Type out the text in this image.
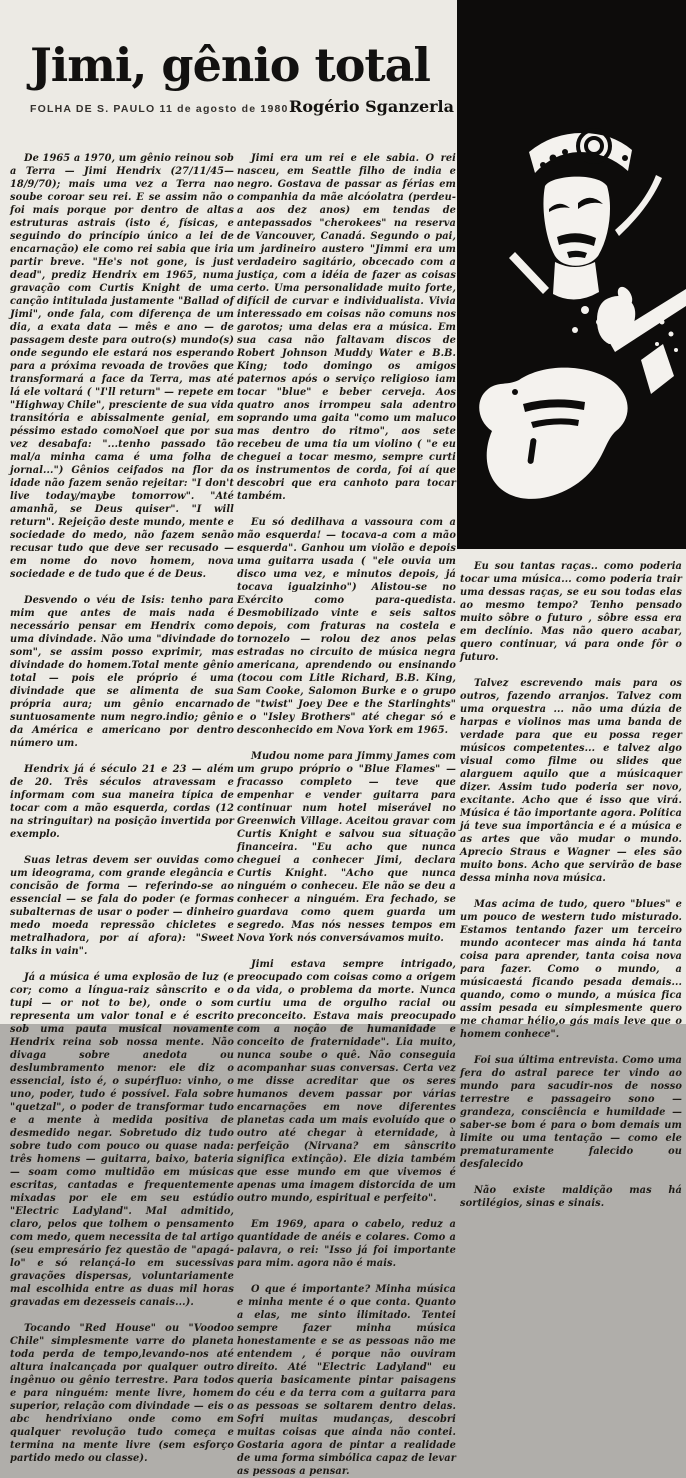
Jimi, gênio total
FOLHA DE S. PAULO 11 de agosto de 1980 Rogério Sganzerla

De 1965 a 1970, um gênio reinou sob a Terra — Jimi Hendrix (27/11/45—18/9/70); mais uma vez a Terra nao soube coroar seu rei. E se assim não o foi mais porque por dentro de altas estruturas astrais (isto é, físicas, e seguindo do princípio único a lei de encarnação) ele como rei sabia que iria partir breve. "He's not gone, is just dead", prediz Hendrix em 1965, numa gravação com Curtis Knight de uma canção intitulada justamente "Ballad of Jimi", onde fala, com diferença de um dia, a exata data — mês e ano — de passagem deste para outro(s) mundo(s) onde segundo ele estará nos esperando para a próxima revoada de trovões que transformará a face da Terra, mas até lá ele voltará ( "I'll return" — repete em "Highway Chile", presciente de sua vida transitória e abissalmente genial, em péssimo estado comoNoel que por sua vez desabafa: "...tenho passado tão mal/a minha cama é uma folha de jornal...") Gênios ceifados na flor da idade não fazem senão rejeitar: "I don't live today/maybe tomorrow". "Até amanhã, se Deus quiser". "I will return". Rejeição deste mundo, mente e sociedade do medo, não fazem senão recusar tudo que deve ser recusado — em nome do novo homem, nova sociedade e de tudo que é de Deus.

Desvendo o véu de Isis: tenho para mim que antes de mais nada é necessário pensar em Hendrix como uma divindade. Não uma "divindade do som", se assim posso exprimir, mas divindade do homem.Total mente gênio total — pois ele próprio é uma divindade que se alimenta de sua própria aura; um gênio encarnado suntuosamente num negro.indio; gênio da América e americano por dentro número um.

Hendrix já é século 21 e 23 — além de 20. Três séculos atravessam e informam com sua maneira típica de tocar com a mão esquerda, cordas (12 na stringuitar) na posição invertida por exemplo.

Suas letras devem ser ouvidas como um ideograma, com grande elegância e concisão de forma — referindo-se ao essencial — se fala do poder (e formas subalternas de usar o poder — dinheiro medo moeda repressão chicletes e metralhadora, por aí afora): "Sweet talks in vain".

Já a música é uma explosão de luz (e cor; como a língua-raiz sânscrito e o tupi — or not to be), onde o som representa um valor tonal e é escrito sob uma pauta musical novamente Hendrix reina sob nossa mente. Não divaga sobre anedota ou deslumbramento menor: ele diz o essencial, isto é, o supérfluo: vinho, o uno, poder, tudo é possível. Fala sobre "quetzal", o poder de transformar tudo e a mente à medida positiva de desmedido negar. Sobretudo diz tudo sobre tudo com pouco ou quase nada: três homens — guitarra, baixo, bateria — soam como multidão em músicas escritas, cantadas e frequentemente mixadas por ele em seu estúdio "Electric Ladyland". Mal admitido, claro, pelos que tolhem o pensamento com medo, quem necessita de tal artigo (seu empresário fez questão de "apagá-lo" e só relançá-lo em sucessivas gravações dispersas, voluntariamente mal escolhida entre as duas mil horas gravadas em dezesseis canais...).

Tocando "Red House" ou "Voodoo Chile" simplesmente varre do planeta toda perda de tempo,levando-nos até altura inalcançada por qualquer outro ingênuo ou gênio terrestre. Para todos e para ninguém: mente livre, homem superior, relação com divindade — eis o abc hendrixiano onde como em qualquer revolução tudo começa e termina na mente livre (sem esforço partido medo ou classe).

Jimi era um rei e ele sabia. O rei nasceu, em Seattle filho de india e negro. Gostava de passar as férias em companhia da mãe alcóolatra (perdeu-a aos dez anos) em tendas de antepassados "cherokees" na reserva de Vancouver, Canadá. Segundo o pai, um jardineiro austero "Jimmi era um verdadeiro sagitário, obcecado com a justiça, com a idéia de fazer as coisas certo. Uma personalidade muito forte, difícil de curvar e individualista. Vivia interessado em coisas não comuns nos garotos; uma delas era a música. Em sua casa não faltavam discos de Robert Johnson Muddy Water e B.B. King; todo domingo os amigos paternos após o serviço religioso iam tocar "blue" e beber cerveja. Aos quatro anos irrompeu sala adentro soprando uma gaita "como um maluco mas dentro do ritmo", aos sete recebeu de uma tia um violino ( "e eu cheguei a tocar mesmo, sempre curti os instrumentos de corda, foi aí que descobri que era canhoto para tocar também.

Eu só dedilhava a vassoura com a mão esquerda! — tocava-a com a mão esquerda". Ganhou um violão e depois uma guitarra usada ( "ele ouvia um disco uma vez, e minutos depois, já tocava igualzinho") Alistou-se no Exército como para-quedista. Desmobilizado vinte e seis saltos depois, com fraturas na costela e tornozelo — rolou dez anos pelas estradas no circuito de música negra americana, aprendendo ou ensinando (tocou com Litle Richard, B.B. King, Sam Cooke, Salomon Burke e o grupo de "twist" Joey Dee e the Starlinghts" e o "Isley Brothers" até chegar só e desconhecido em Nova York em 1965.

Mudou nome para Jimmy James com um grupo próprio o "Blue Flames" — fracasso completo — teve que empenhar e vender guitarra para continuar num hotel miserável no Greenwich Village. Aceitou gravar com Curtis Knight e salvou sua situação financeira. "Eu acho que nunca cheguei a conhecer Jimi, declara Curtis Knight. "Acho que nunca ninguém o conheceu. Ele não se deu a conhecer a ninguém. Era fechado, se guardava como quem guarda um segredo. Mas nós nesses tempos em Nova York nós conversávamos muito.

Jimi estava sempre intrigado, preocupado com coisas como a origem da vida, o problema da morte. Nunca curtiu uma de orgulho racial ou preconceito. Estava mais preocupado com a noção de humanidade e conceito de fraternidade". Lia muito, nunca soube o quê. Não conseguia acompanhar suas conversas. Certa vez me disse acreditar que os seres humanos devem passar por várias encarnações em nove diferentes planetas cada um mais evoluído que o outro até chegar à eternidade, à perfeição (Nirvana? em sânscrito significa extinção). Ele dizia também que esse mundo em que vivemos é apenas uma imagem distorcida de um outro mundo, espiritual e perfeito".

Em 1969, apara o cabelo, reduz a quantidade de anéis e colares. Como a palavra, o rei: "Isso já foi importante para mim. agora não é mais.

O que é importante? Minha música e minha mente é o que conta. Quanto a elas, me sinto ilimitado. Tentei sempre fazer minha música honestamente e se as pessoas não me entendem , é porque não ouviram direito. Até "Electric Ladyland" eu queria basicamente pintar paisagens do céu e da terra com a guitarra para as pessoas se soltarem dentro delas. Sofri muitas mudanças, descobri muitas coisas que ainda não contei. Gostaria agora de pintar a realidade de uma forma simbólica capaz de levar as pessoas a pensar.

Eu sou tantas raças.. como poderia tocar uma música... como poderia trair uma dessas raças, se eu sou todas elas ao mesmo tempo? Tenho pensado muito sôbre o futuro , sôbre essa era em declínio. Mas não quero acabar, quero continuar, vá para onde fôr o futuro.

Talvez escrevendo mais para os outros, fazendo arranjos. Talvez com uma orquestra ... não uma dúzia de harpas e violinos mas uma banda de verdade para que eu possa reger músicos competentes... e talvez algo visual como filme ou slides que alarguem aquilo que a músicaquer dizer. Assim tudo poderia ser novo, excitante. Acho que é isso que virá. Música é tão importante agora. Política já teve sua importância e é a música e as artes que vão mudar o mundo. Aprecio Straus e Wagner — eles são muito bons. Acho que servirão de base dessa minha nova música.

Mas acima de tudo, quero "blues" e um pouco de western tudo misturado. Estamos tentando fazer um terceiro mundo acontecer mas ainda há tanta coisa para aprender, tanta coisa nova para fazer. Como o mundo, a músicaestá ficando pesada demais... quando, como o mundo, a música fica assim pesada eu simplesmente quero me chamar hélio,o gás mais leve que o homem conhece".

Foi sua última entrevista. Como uma fera do astral parece ter vindo ao mundo para sacudir-nos de nosso terrestre e passageiro sono — grandeza, consciência e humildade — saber-se bom é para o bom demais um limite ou uma tentação — como ele prematuramente falecido ou desfalecido

Não existe maldição mas há sortilégios, sinas e sinais.
